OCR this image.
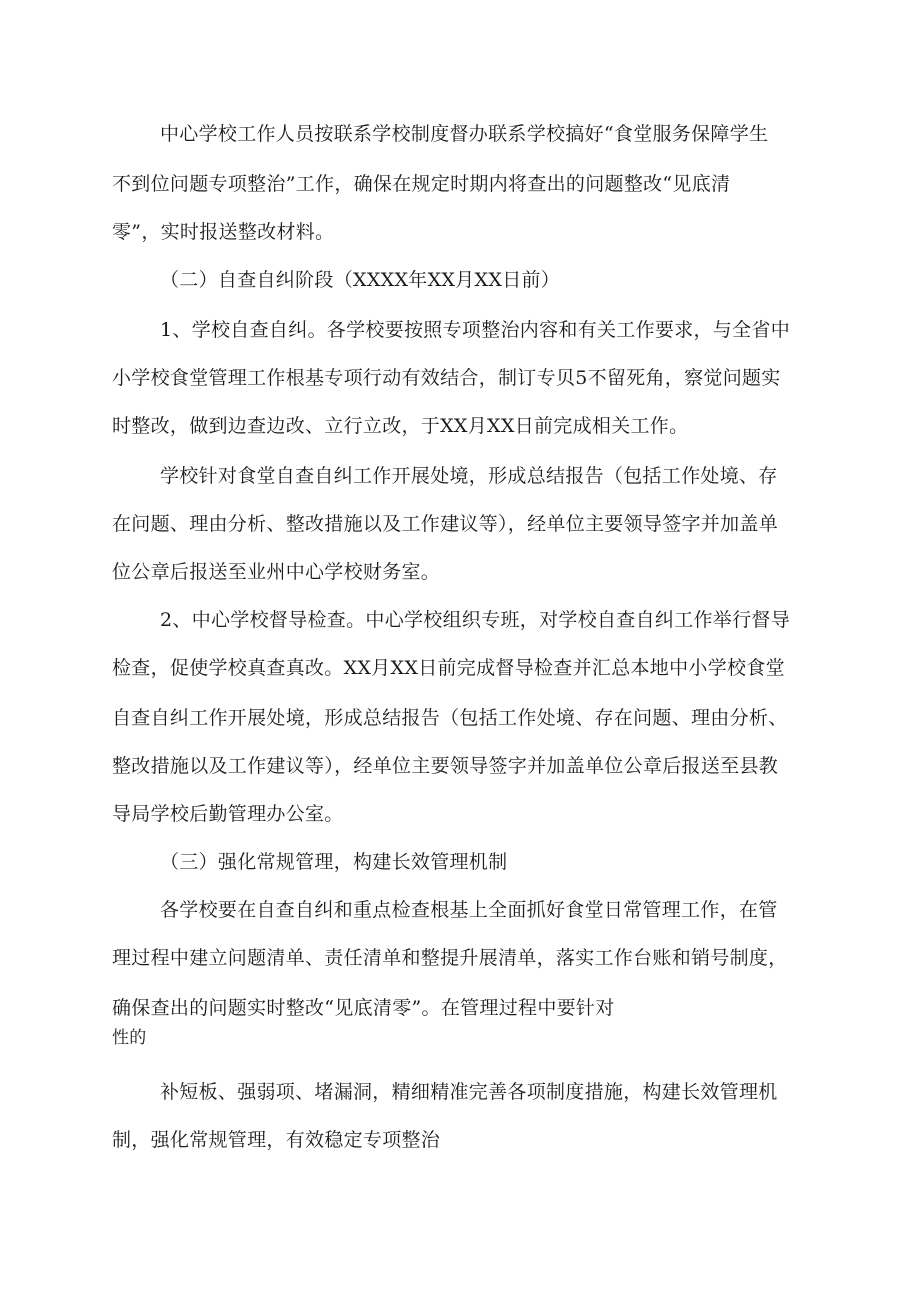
中心学校工作人员按联系学校制度督办联系学校搞好“食堂服务保障学生
不到位问题专项整治”工作，确保在规定时期内将查出的问题整改“见底清
零”，实时报送整改材料。
（二）自查自纠阶段（XXXX年XX月XX日前）
1、学校自查自纠。各学校要按照专项整治内容和有关工作要求，与全省中
小学校食堂管理工作根基专项行动有效结合，制订专贝5不留死角，察觉问题实
时整改，做到边查边改、立行立改，于XX月XX日前完成相关工作。
学校针对食堂自查自纠工作开展处境，形成总结报告（包括工作处境、存
在问题、理由分析、整改措施以及工作建议等），经单位主要领导签字并加盖单
位公章后报送至业州中心学校财务室。
2、中心学校督导检查。中心学校组织专班，对学校自查自纠工作举行督导
检查，促使学校真查真改。XX月XX日前完成督导检查并汇总本地中小学校食堂
自查自纠工作开展处境，形成总结报告（包括工作处境、存在问题、理由分析、
整改措施以及工作建议等），经单位主要领导签字并加盖单位公章后报送至县教
导局学校后勤管理办公室。
（三）强化常规管理，构建长效管理机制
各学校要在自查自纠和重点检查根基上全面抓好食堂日常管理工作，在管
理过程中建立问题清单、责任清单和整提升展清单，落实工作台账和销号制度，
确保查出的问题实时整改“见底清零”。在管理过程中要针对
性的
补短板、强弱项、堵漏洞，精细精准完善各项制度措施，构建长效管理机
制，强化常规管理，有效稳定专项整治
